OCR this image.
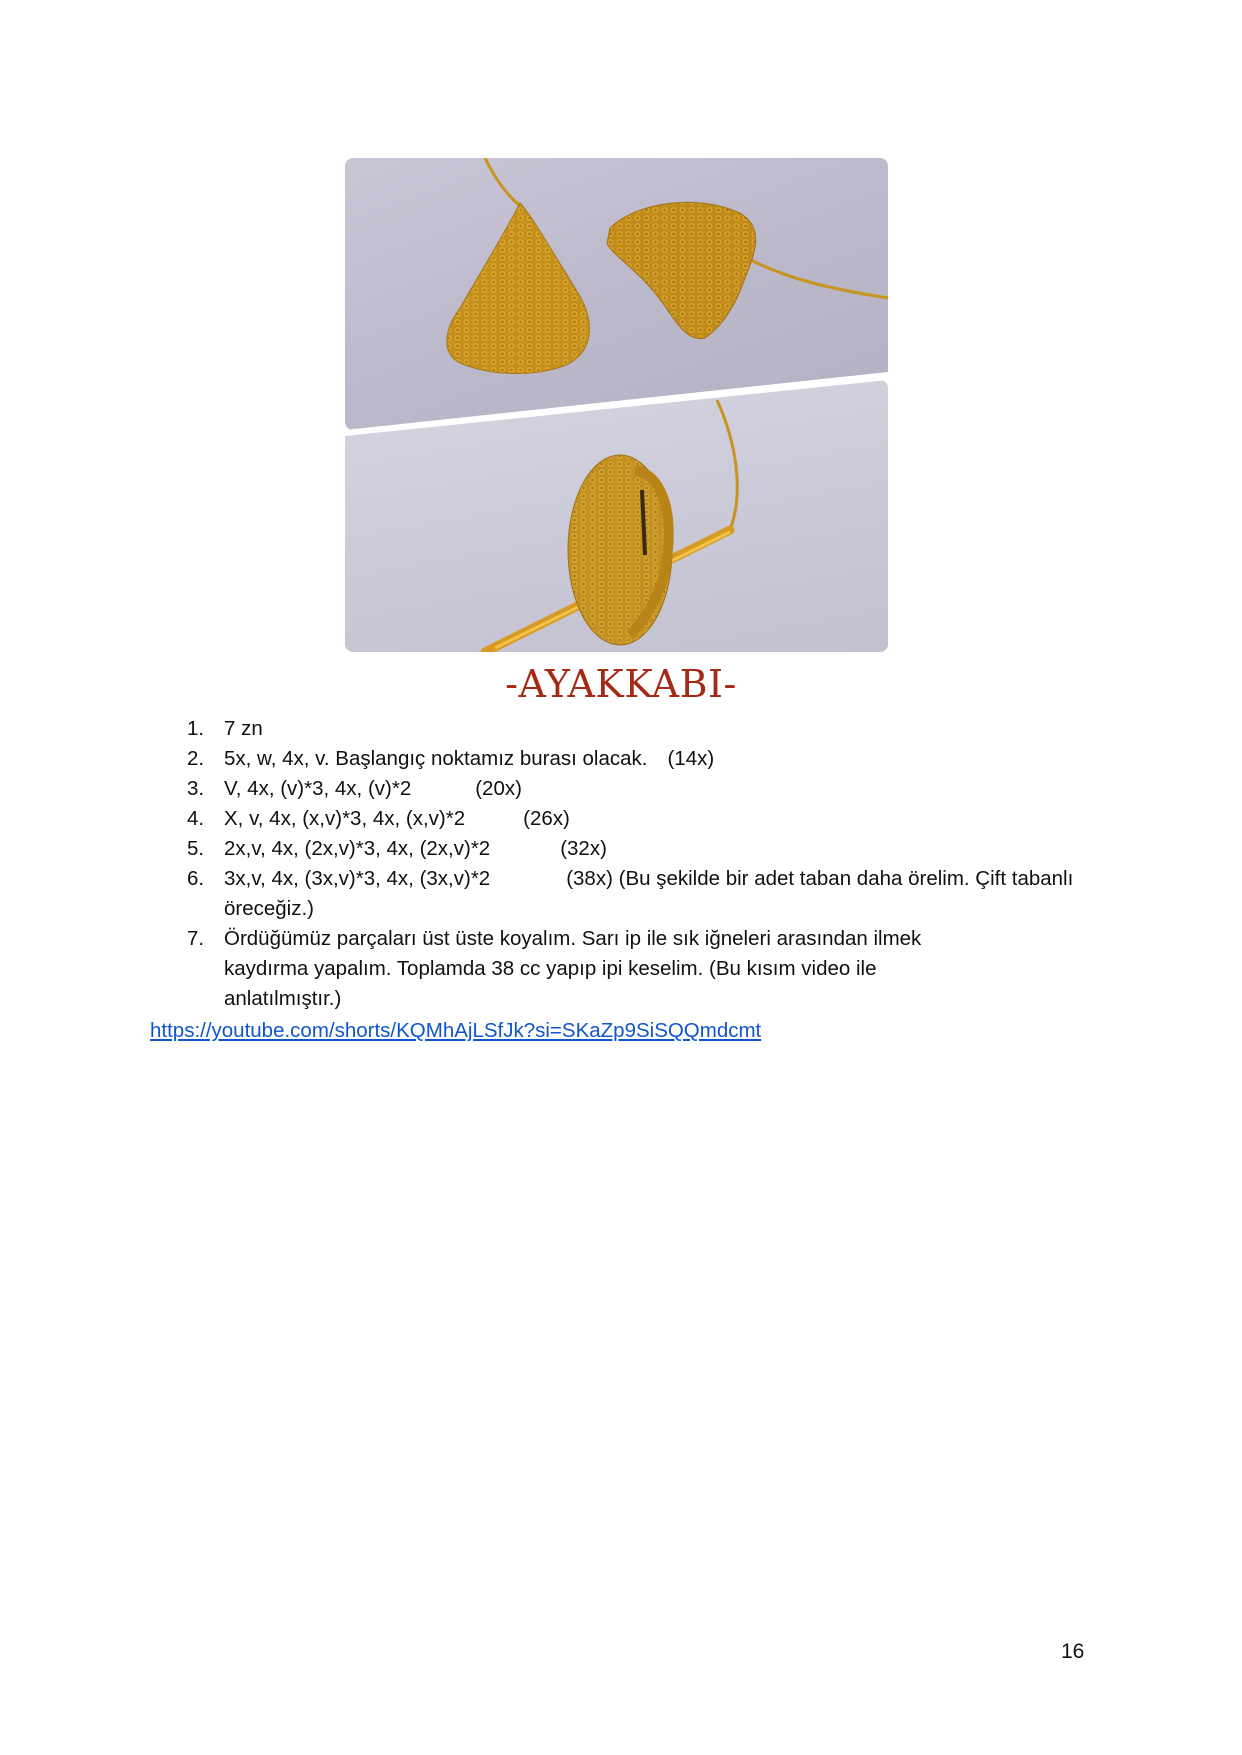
-AYAKKABI-
1. 7 zn
2. 5x, w, 4x, v. Başlangıç noktamız burası olacak. (14x)
3. V, 4x, (v)*3, 4x, (v)*2	(20x)
4. X, v, 4x, (x,v)*3, 4x, (x,v)*2	(26x)
5. 2x,v, 4x, (2x,v)*3, 4x, (2x,v)*2	(32x)
6. 3x,v, 4x, (3x,v)*3, 4x, (3x,v)*2	(38x) (Bu şekilde bir adet taban daha örelim. Çift tabanlı öreceğiz.)
7. Ördüğümüz parçaları üst üste koyalım. Sarı ip ile sık iğneleri arasından ilmek kaydırma yapalım. Toplamda 38 cc yapıp ipi keselim. (Bu kısım video ile anlatılmıştır.)
https://youtube.com/shorts/KQMhAjLSfJk?si=SKaZp9SiSQQmdcmt
16
